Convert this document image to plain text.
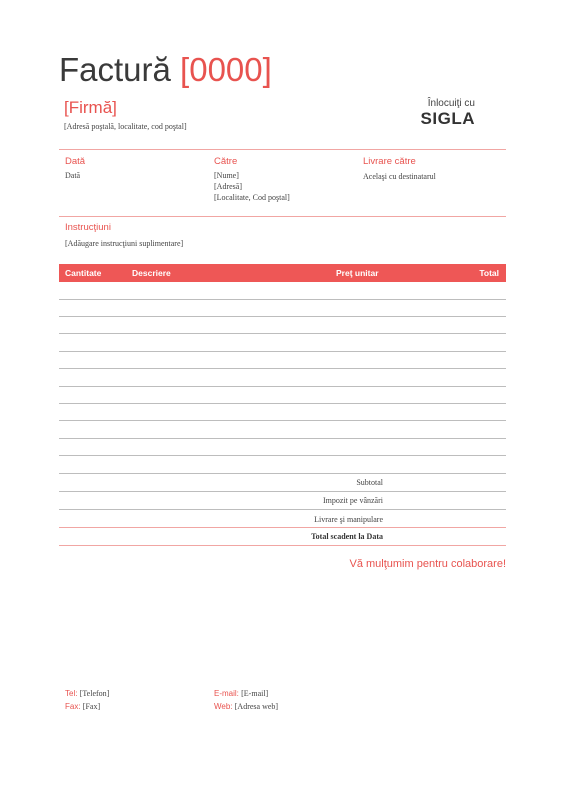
Factură [0000]
[Firmă]
[Adresă poştală, localitate, cod poştal]
Înlocuiţi cu
SIGLA
Dată
Dată
Către
[Nume]
[Adresă]
[Localitate, Cod poştal]
Livrare către
Acelaşi cu destinatarul
Instrucţiuni
[Adăugare instrucţiuni suplimentare]
Cantitate	Descriere	Preţ unitar	Total
Subtotal
Impozit pe vânzări
Livrare şi manipulare
Total scadent la Data
Vă mulţumim pentru colaborare!
Tel: [Telefon]
Fax: [Fax]
E-mail: [E-mail]
Web: [Adresa web]
